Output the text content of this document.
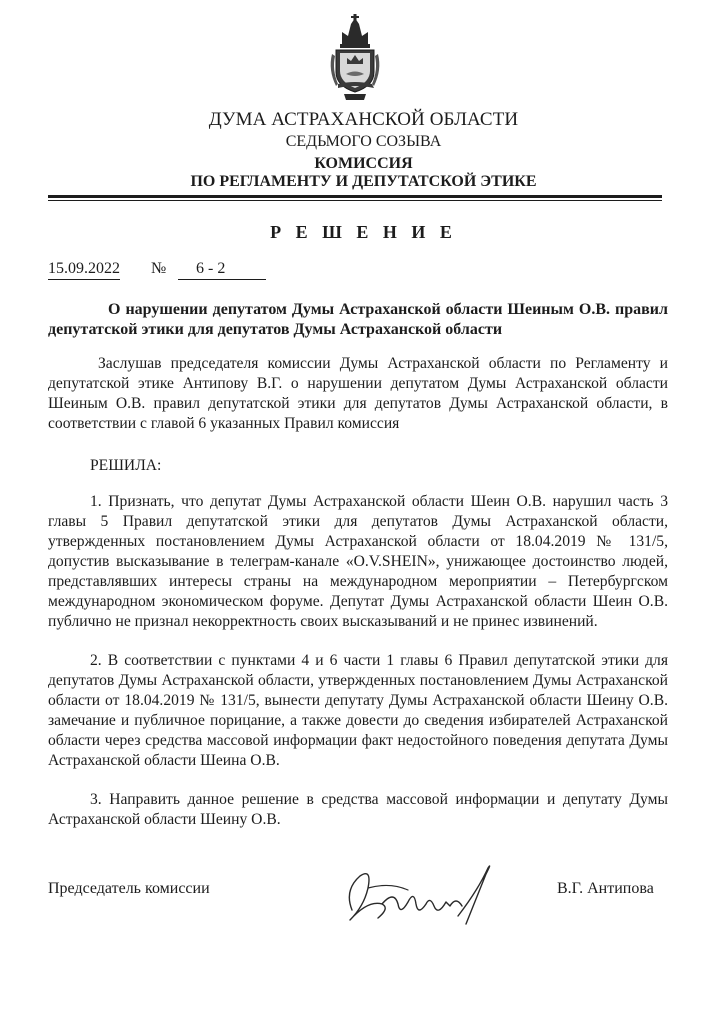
ДУМА АСТРАХАНСКОЙ ОБЛАСТИ
СЕДЬМОГО СОЗЫВА
КОМИССИЯ
ПО РЕГЛАМЕНТУ И ДЕПУТАТСКОЙ ЭТИКЕ
Р Е Ш Е Н И Е
15.09.2022 №	6 - 2
О нарушении депутатом Думы Астраханской области Шеиным О.В. правил депутатской этики для депутатов Думы Астраханской области
Заслушав председателя комиссии Думы Астраханской области по Регламенту и депутатской этике Антипову В.Г. о нарушении депутатом Думы Астраханской области Шеиным О.В. правил депутатской этики для депутатов Думы Астраханской области, в соответствии с главой 6 указанных Правил комиссия
РЕШИЛА:
1. Признать, что депутат Думы Астраханской области Шеин О.В. нарушил часть 3 главы 5 Правил депутатской этики для депутатов Думы Астраханской области, утвержденных постановлением Думы Астраханской области от 18.04.2019 № 131/5, допустив высказывание в телеграм-канале «O.V.SHEIN», унижающее достоинство людей, представлявших интересы страны на международном мероприятии – Петербургском международном экономическом форуме. Депутат Думы Астраханской области Шеин О.В. публично не признал некорректность своих высказываний и не принес извинений.
2. В соответствии с пунктами 4 и 6 части 1 главы 6 Правил депутатской этики для депутатов Думы Астраханской области, утвержденных постановлением Думы Астраханской области от 18.04.2019 № 131/5, вынести депутату Думы Астраханской области Шеину О.В. замечание и публичное порицание, а также довести до сведения избирателей Астраханской области через средства массовой информации факт недостойного поведения депутата Думы Астраханской области Шеина О.В.
3. Направить данное решение в средства массовой информации и депутату Думы Астраханской области Шеину О.В.
Председатель комиссии	В.Г. Антипова
